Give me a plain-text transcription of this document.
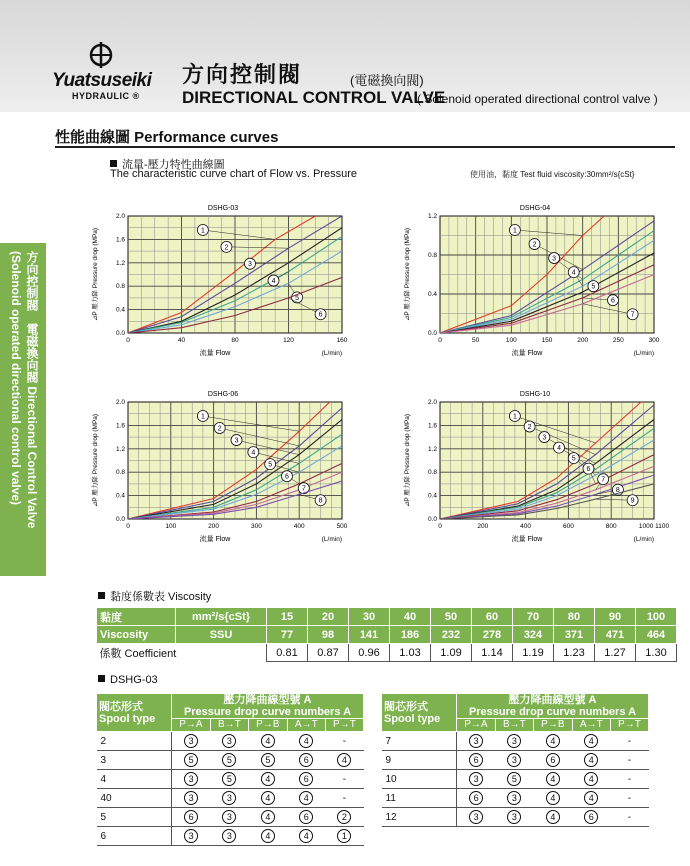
Yuatsuseiki
HYDRAULIC ®
方向控制閥	(電磁換向閥)
DIRECTIONAL CONTROL VALVE
( Solenoid operated directional control valve )
性能曲線圖 Performance curves
方向控制閥　電磁換向閥 Directional Control Valve (Solenoid operated directional control valve)
流量-壓力特性曲線圖
The characteristic curve chart of Flow vs. Pressure	使用油，黏度 Test fluid viscosity:30mm²/s{cSt}
DSHG-03
⊿P 壓力降 Pressure drop (MPa)
0	40	80	120	160
0.0
0.4
0.8
1.2
1.6
2.0
流量 Flow	(L/min)
1
2
3
4
5
6
DSHG-04
⊿P 壓力降 Pressure drop (MPa)
0	50	100	150	200	250	300
0.0
0.4
0.8
1.2
流量 Flow	(L/min)
1
2
3
4
5
6
7
DSHG-06
⊿P 壓力降 Pressure drop (MPa)
0	100	200	300	400	500
0.0
0.4
0.8
1.2
1.6
2.0
流量 Flow	(L/min)
1
2
3
4
5
6
7
8
DSHG-10
⊿P 壓力降 Pressure drop (MPa)
0	200	400	600	800	1000 1100
0.0
0.4
0.8
1.2
1.6
2.0
流量 Flow	(L/min)
1
2
3
4
5
6
7
8
9
黏度係數表 Viscosity
黏度	mm²/s{cSt}	15	20	30	40	50	60	70	80	90	100
Viscosity	SSU	77	98	141	186	232	278	324	371	471	464
係數 Coefficient		0.81	0.87	0.96	1.03	1.09	1.14	1.19	1.23	1.27	1.30
DSHG-03
閥芯形式
Spool type	壓力降曲線型號 A
Pressure drop curve numbers A				
	P→A	B→T	P→B	A→T	P→T
2	3	3	4	4	-
3	5	5	5	6	4
4	3	5	4	6	-
40	3	3	4	4	-
5	6	3	4	6	2
6	3	3	4	4	1
閥芯形式
Spool type	壓力降曲線型號 A
Pressure drop curve numbers A				
	P→A	B→T	P→B	A→T	P→T
7	3	3	4	4	-
9	6	3	6	4	-
10	3	5	4	4	-
11	6	3	4	4	-
12	3	3	4	6	-
